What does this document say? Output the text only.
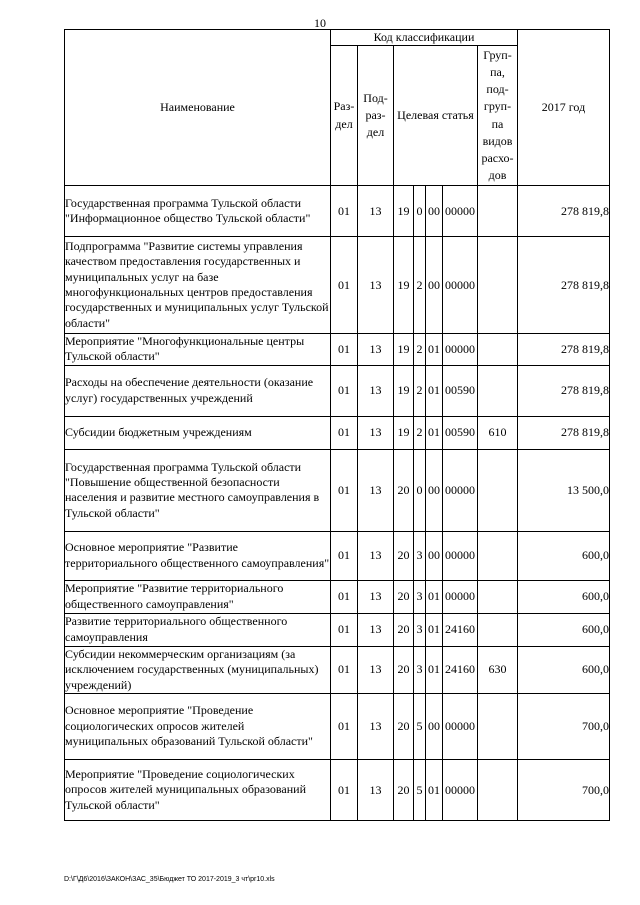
10
Наименование	Код классификации							2017 год
	Раз- дел	Под- раз- дел	Целевая статья				Груп- па, под- груп- па видов расхо- дов	
Государственная программа Тульской области "Информационное общество Тульской области"	01	13	19	0	00	00000		278 819,8
Подпрограмма "Развитие системы управления качеством предоставления государственных и муниципальных услуг на базе многофункциональных центров предоставления государственных и муниципальных услуг Тульской области"	01	13	19	2	00	00000		278 819,8
Мероприятие "Многофункциональные центры Тульской области"	01	13	19	2	01	00000		278 819,8
Расходы на обеспечение деятельности (оказание услуг) государственных учреждений	01	13	19	2	01	00590		278 819,8
Субсидии бюджетным учреждениям	01	13	19	2	01	00590	610	278 819,8
Государственная программа Тульской области "Повышение общественной безопасности населения и развитие местного самоуправления в Тульской области"	01	13	20	0	00	00000		13 500,0
Основное мероприятие "Развитие территориального общественного самоуправления"	01	13	20	3	00	00000		600,0
Мероприятие "Развитие территориального общественного самоуправления"	01	13	20	3	01	00000		600,0
Развитие территориального общественного самоуправления	01	13	20	3	01	24160		600,0
Субсидии некоммерческим организациям (за исключением государственных (муниципальных) учреждений)	01	13	20	3	01	24160	630	600,0
Основное мероприятие "Проведение социологических опросов жителей муниципальных образований Тульской области"	01	13	20	5	00	00000		700,0
Мероприятие "Проведение социологических опросов жителей муниципальных образований Тульской области"	01	13	20	5	01	00000		700,0
D:\Г\Д6\2016\ЗАКОН\ЗАС_35\Бюджет ТО 2017-2019_3 чт\pr10.xls
